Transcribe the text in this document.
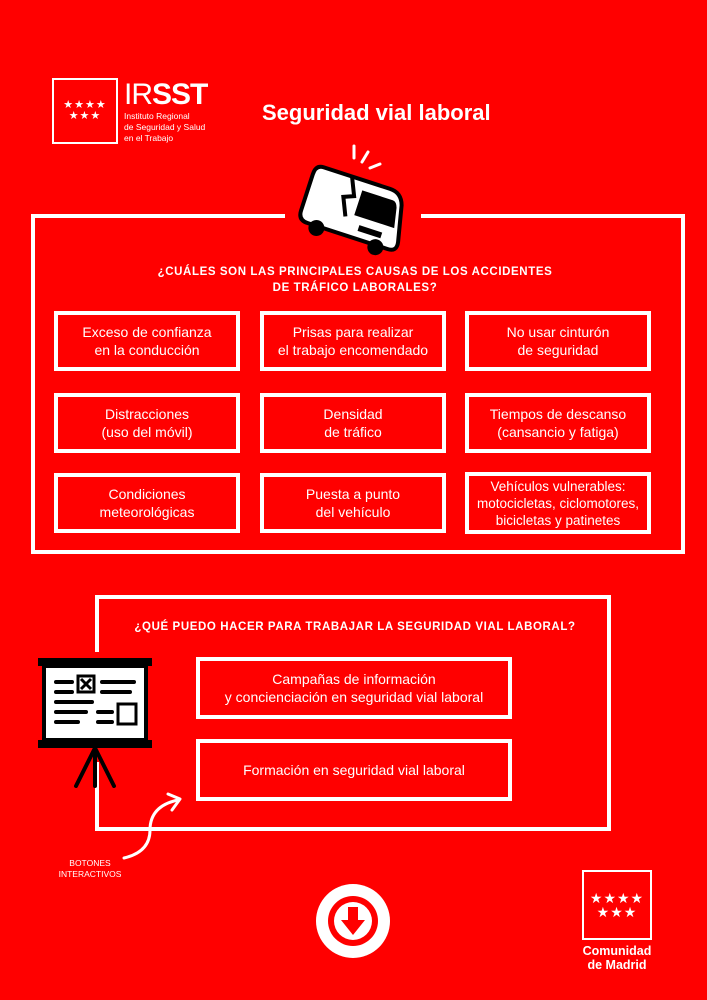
★★★★
★★★
IRSST
Instituto Regional
de Seguridad y Salud
en el Trabajo
Seguridad vial laboral
¿CUÁLES SON LAS PRINCIPALES CAUSAS DE LOS ACCIDENTES
DE TRÁFICO LABORALES?
Exceso de confianza
en la conducción
Prisas para realizar
el trabajo encomendado
No usar cinturón
de seguridad
Distracciones
(uso del móvil)
Densidad
de tráfico
Tiempos de descanso
(cansancio y fatiga)
Condiciones
meteorológicas
Puesta a punto
del vehículo
Vehículos vulnerables:
motocicletas, ciclomotores,
bicicletas y patinetes
¿QUÉ PUEDO HACER PARA TRABAJAR LA SEGURIDAD VIAL LABORAL?
Campañas de información
y concienciación en seguridad vial laboral
Formación en seguridad vial laboral
BOTONES
INTERACTIVOS
★★★★
★★★
Comunidad
de Madrid
